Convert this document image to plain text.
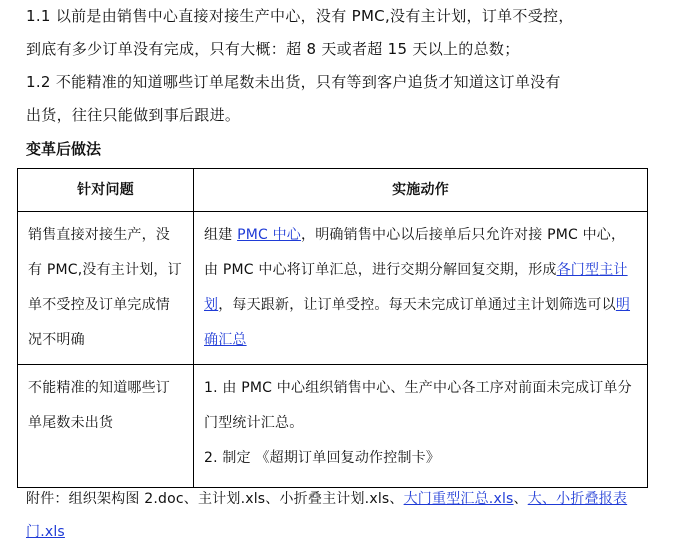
1.1 以前是由销售中心直接对接生产中心，没有 PMC,没有主计划，订单不受控，
到底有多少订单没有完成，只有大概：超 8 天或者超 15 天以上的总数；
1.2 不能精准的知道哪些订单尾数未出货，只有等到客户追货才知道这订单没有
出货，往往只能做到事后跟进。
变革后做法
针对问题	实施动作
销售直接对接生产，没有 PMC,没有主计划，订单不受控及订单完成情况不明确	组建 PMC 中心，明确销售中心以后接单后只允许对接 PMC 中心，由 PMC 中心将订单汇总，进行交期分解回复交期，形成各门型主计划，每天跟新，让订单受控。每天未完成订单通过主计划筛选可以明确汇总
不能精准的知道哪些订单尾数未出货	1. 由 PMC 中心组织销售中心、生产中心各工序对前面未完成订单分门型统计汇总。
2. 制定 《超期订单回复动作控制卡》
附件：组织架构图 2.doc、主计划.xls、小折叠主计划.xls、大门重型汇总.xls、大、小折叠报表 门.xls
